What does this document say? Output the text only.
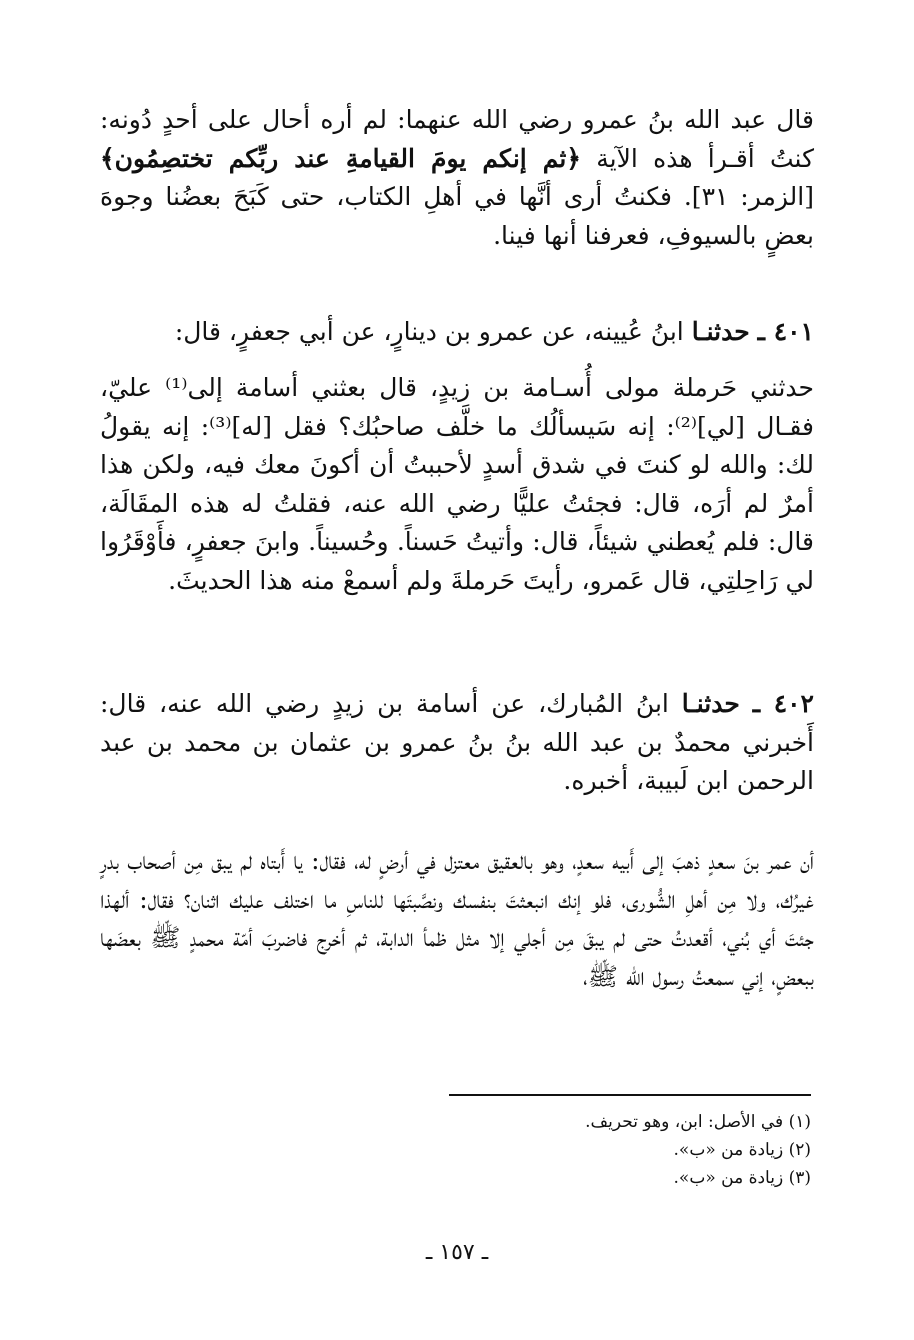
قال عبد الله بنُ عمرو رضي الله عنهما: لم أره أحال على أحدٍ دُونه: كنتُ أقـرأ هذه الآية ﴿ثم إنكم يومَ القيامةِ عند ربِّكم تختصِمُون﴾ [الزمر: ٣١]. فكنتُ أرى أنَّها في أهلِ الكتاب، حتى كَبَحَ بعضُنا وجوهَ بعضٍ بالسيوفِ، فعرفنا أنها فينا.

٤٠١ ـ حدثنـا ابنُ عُيينه، عن عمرو بن دينارٍ، عن أبي جعفرٍ، قال:

حدثني حَرملة مولى أُسـامة بن زيدٍ، قال بعثني أسامة إلى⁽¹⁾ عليّ، فقـال [لي]⁽²⁾: إنه سَيسألُك ما خلَّف صاحبُك؟ فقل [له]⁽³⁾: إنه يقولُ لك: والله لو كنتَ في شدق أسدٍ لأحببتُ أن أكونَ معك فيه، ولكن هذا أمرٌ لم أرَه، قال: فجئتُ عليًّا رضي الله عنه، فقلتُ له هذه المقَالَة، قال: فلم يُعطني شيئاً، قال: وأتيتُ حَسناً. وحُسيناً. وابنَ جعفرٍ، فأَوْقَرُوا لي رَاحِلتِي، قال عَمرو، رأيتَ حَرملةَ ولم أسمعْ منه هذا الحديثَ.

٤٠٢ ـ حدثنـا ابنُ المُبارك، عن أسامة بن زيدٍ رضي الله عنه، قال: أَخبرني محمدٌ بن عبد الله بنُ بنُ عمرو بن عثمان بن محمد بن عبد الرحمن ابن لَبيبة، أخبره.

أن عمر بنَ سعدٍ ذهبَ إلى أَبيه سعدٍ، وهو بالعقيق معتزل في أرضٍ له، فقال: يا أَبتاه لم يبق مِن أصحاب بدرٍ غيرُك، ولا مِن أهلِ الشُّورى، فلو إنك انبعثتَ بنفسك ونصَّبتَها للناسِ ما اختلف عليك اثنان؟ فقال: ألهذا جئتَ أي بُني، أقعدتُ حتى لم يبقَ مِن أجلي إلا مثل ظمأ الدابة، ثم أخرج فاضربَ أمّة محمدٍ ﷺ بعضَها ببعضٍ، إني سمعتُ رسول الله ﷺ،

(١) في الأصل: ابن، وهو تحريف.

(٢) زيادة من «ب».

(٣) زيادة من «ب».

ـ ١٥٧ ـ
